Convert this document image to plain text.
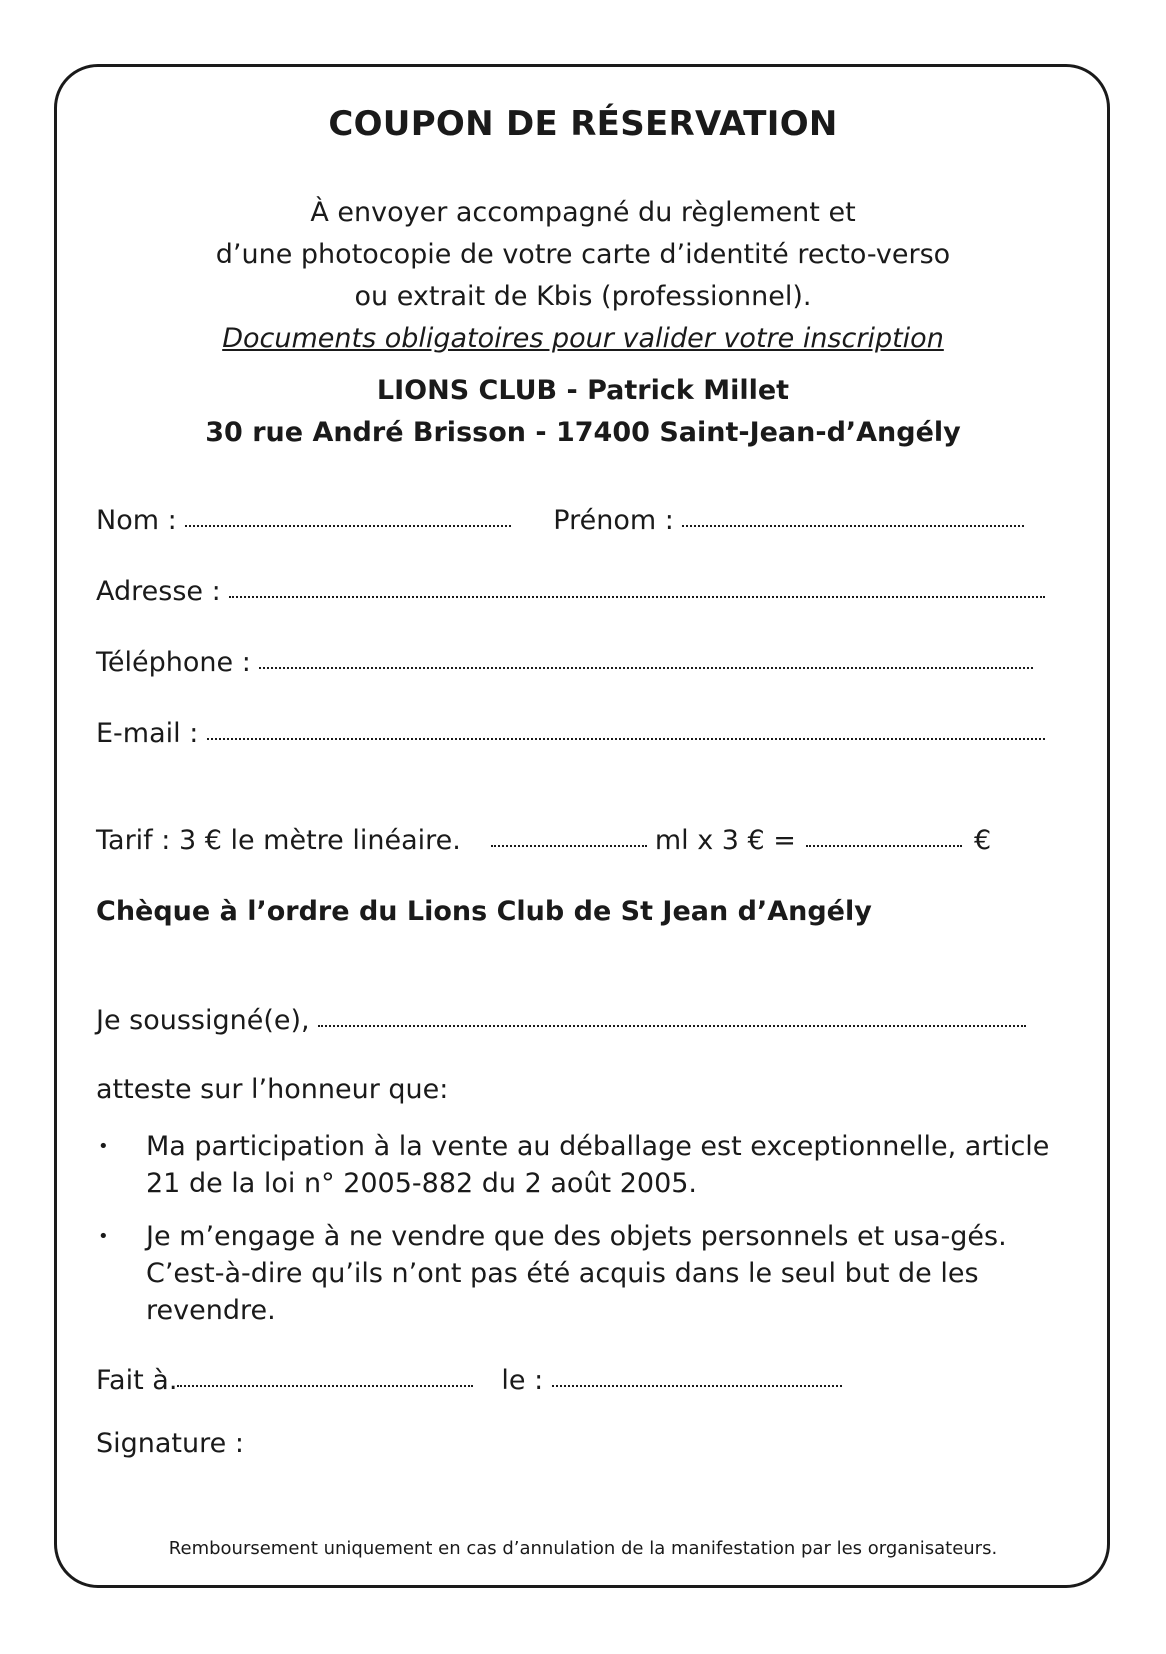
COUPON DE RÉSERVATION
À envoyer accompagné du règlement et
d’une photocopie de votre carte d’identité recto-verso
ou extrait de Kbis (professionnel).
Documents obligatoires pour valider votre inscription
LIONS CLUB - Patrick Millet
30 rue André Brisson - 17400 Saint-Jean-d’Angély
Nom :	Prénom :
Adresse :
Téléphone :
E-mail :
Tarif : 3 € le mètre linéaire.	ml x 3 € =	€
Chèque à l’ordre du Lions Club de St Jean d’Angély
Je soussigné(e),
atteste sur l’honneur que:
• Ma participation à la vente au déballage est exceptionnelle, article 21 de la loi n° 2005-882 du 2 août 2005.
• Je m’engage à ne vendre que des objets personnels et usa-gés. C’est-à-dire qu’ils n’ont pas été acquis dans le seul but de les revendre.
Fait à.	le :
Signature :
Remboursement uniquement en cas d’annulation de la manifestation par les organisateurs.
